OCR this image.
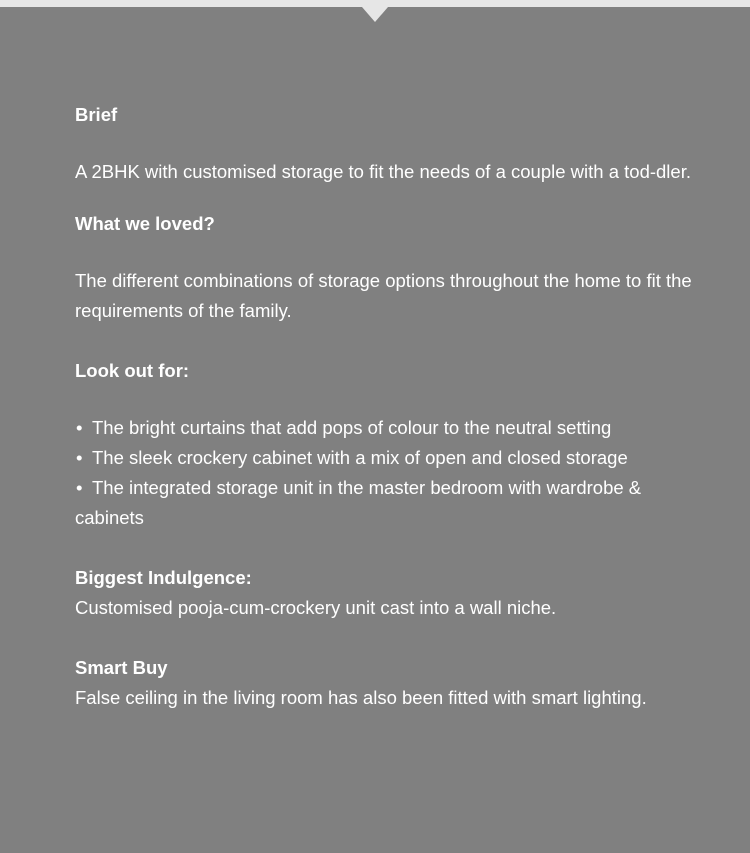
Brief

A 2BHK with customised storage to fit the needs of a couple with a tod-dler.

What we loved?

The different combinations of storage options throughout the home to fit the requirements of the family.

Look out for:

• The bright curtains that add pops of colour to the neutral setting
• The sleek crockery cabinet with a mix of open and closed storage
• The integrated storage unit in the master bedroom with wardrobe & cabinets

Biggest Indulgence:

Customised pooja-cum-crockery unit cast into a wall niche.

Smart Buy

False ceiling in the living room has also been fitted with smart lighting.
